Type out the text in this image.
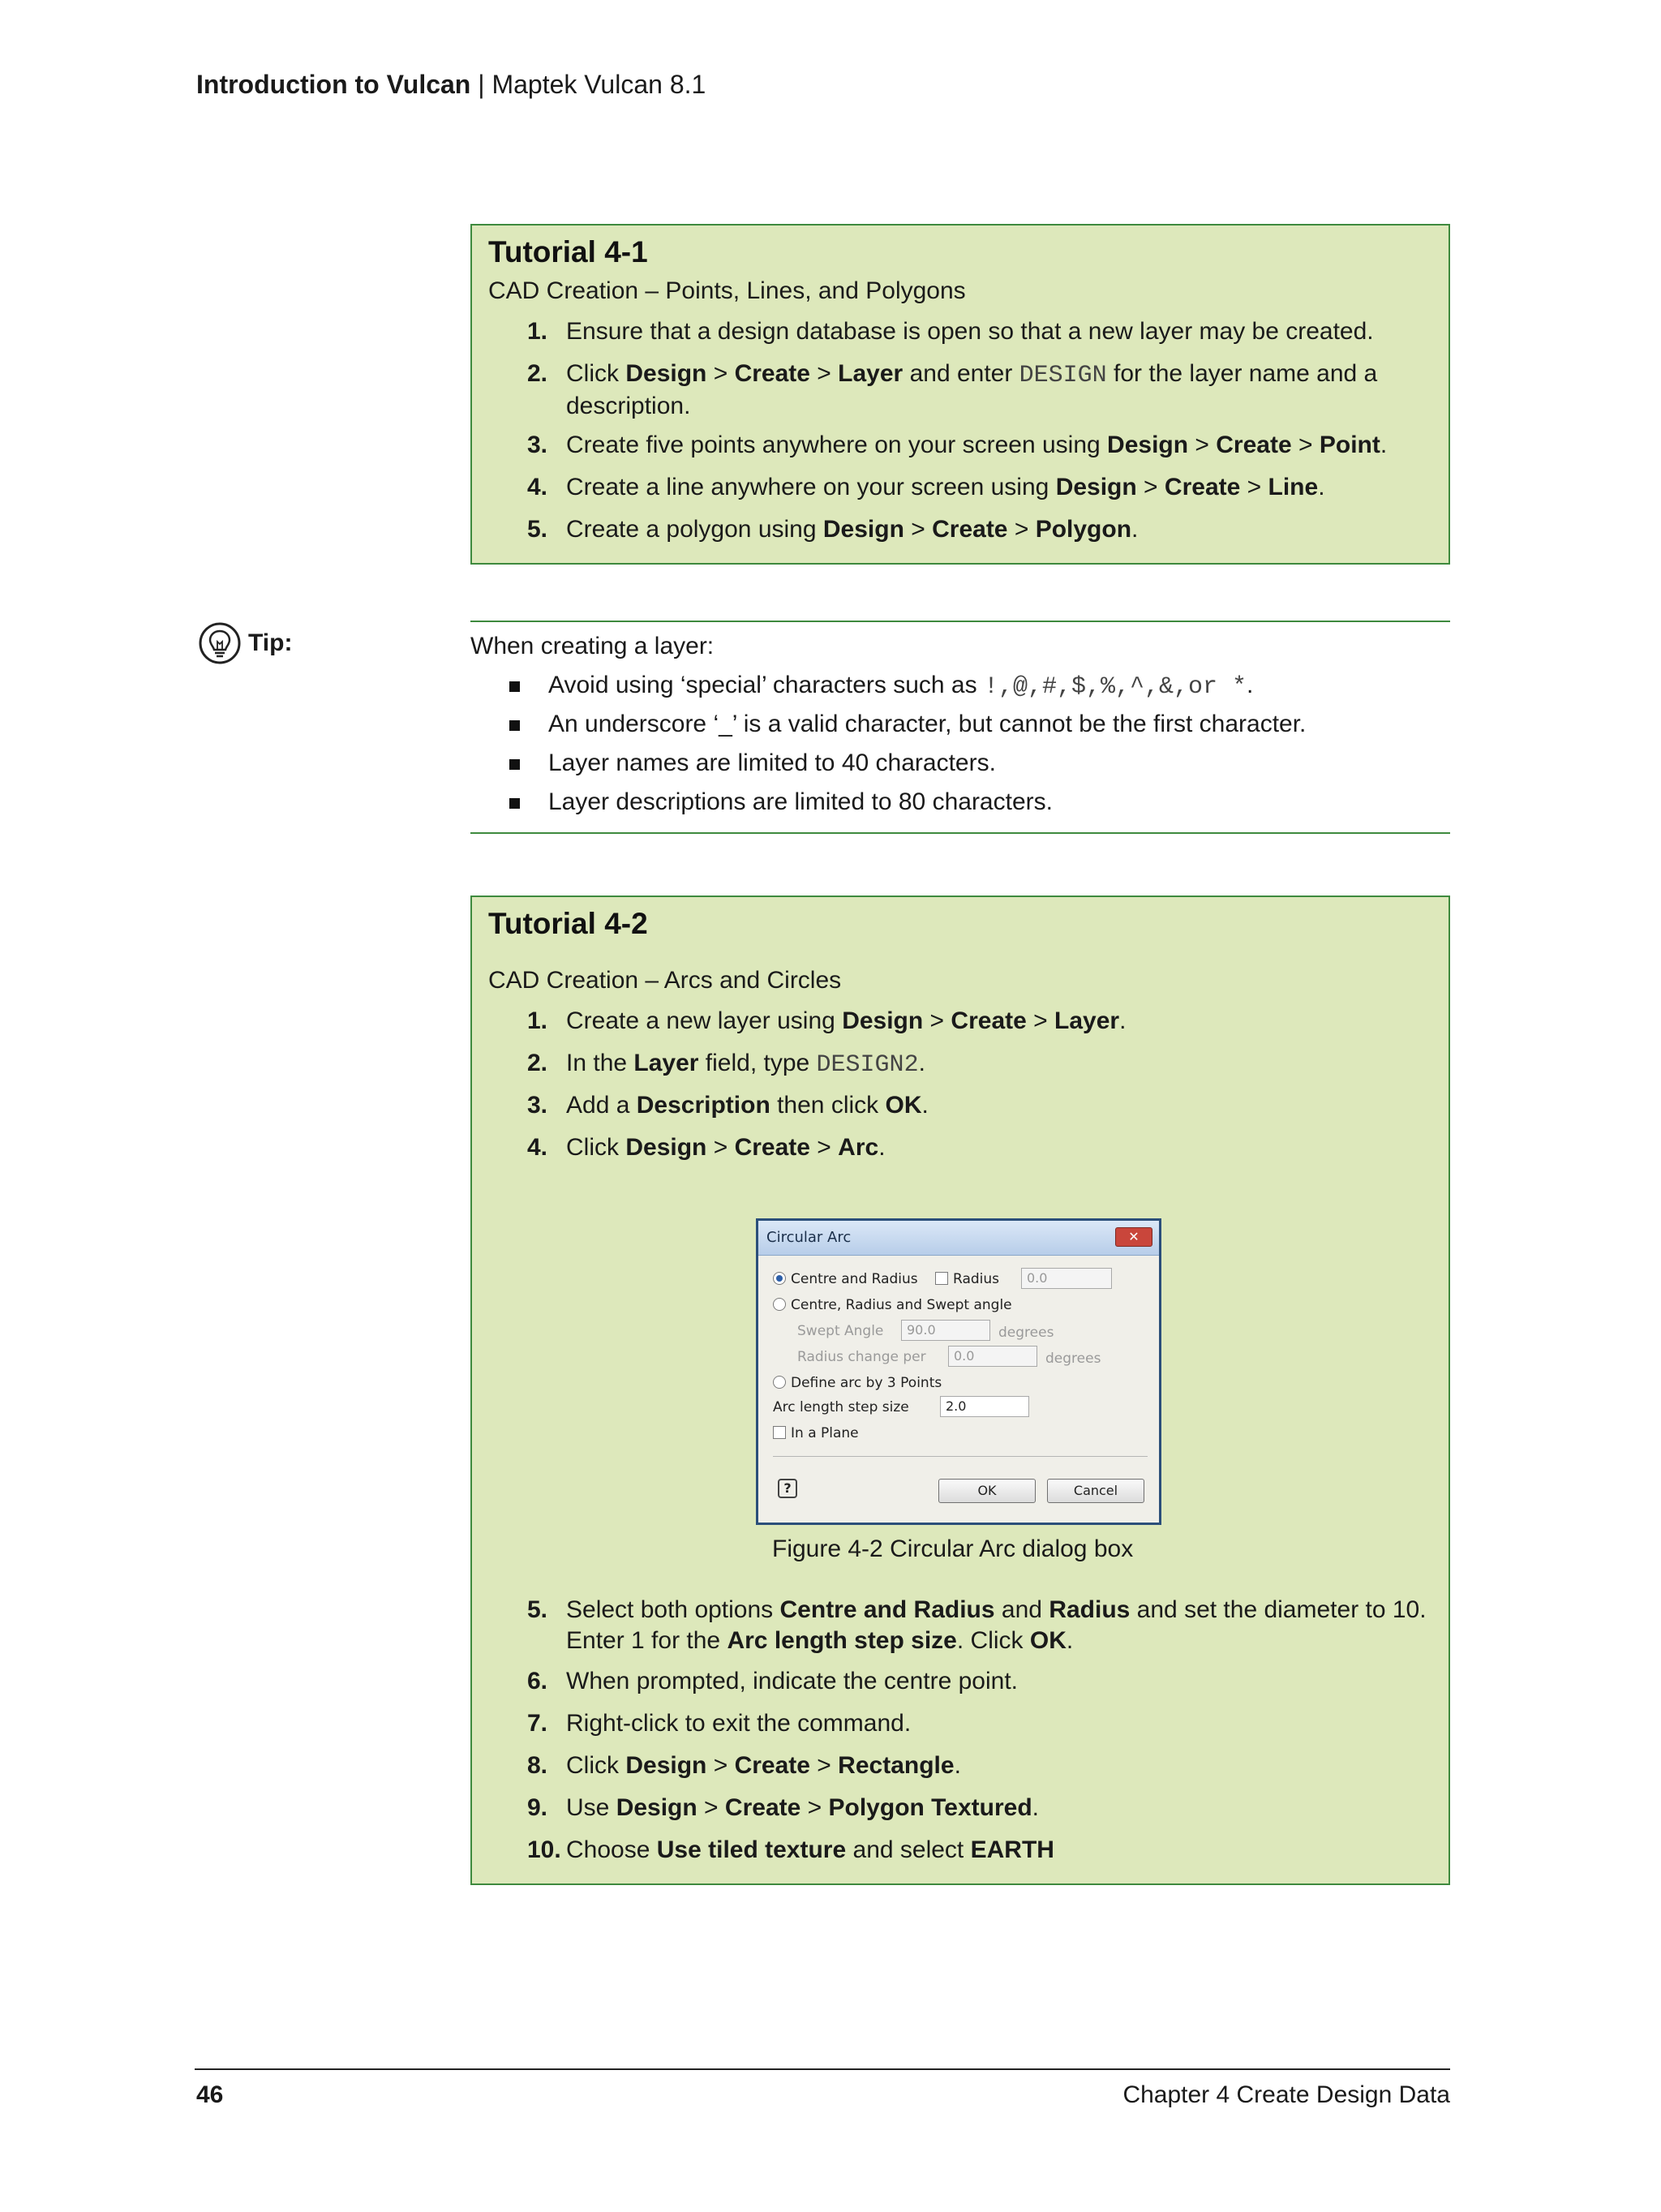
Introduction to Vulcan | Maptek Vulcan 8.1
Tutorial 4-1
CAD Creation – Points, Lines, and Polygons
1. Ensure that a design database is open so that a new layer may be created.
2. Click Design > Create > Layer and enter DESIGN for the layer name and a description.
3. Create five points anywhere on your screen using Design > Create > Point.
4. Create a line anywhere on your screen using Design > Create > Line.
5. Create a polygon using Design > Create > Polygon.
Tip:	When creating a layer:
Avoid using ‘special’ characters such as !,@,#,$,%,^,&,or *.
An underscore ‘_’ is a valid character, but cannot be the first character.
Layer names are limited to 40 characters.
Layer descriptions are limited to 80 characters.
Tutorial 4-2
CAD Creation – Arcs and Circles
1. Create a new layer using Design > Create > Layer.
2. In the Layer field, type DESIGN2.
3. Add a Description then click OK.
4. Click Design > Create > Arc.
5. Select both options Centre and Radius and Radius and set the diameter to 10. Enter 1 for the Arc length step size. Click OK.
6. When prompted, indicate the centre point.
7. Right-click to exit the command.
8. Click Design > Create > Rectangle.
9. Use Design > Create > Polygon Textured.
10. Choose Use tiled texture and select EARTH
Circular Arc	✕
Centre and Radius	Radius	0.0
Centre, Radius and Swept angle
Swept Angle	90.0	degrees
Radius change per	0.0	degrees
Define arc by 3 Points
Arc length step size	2.0
In a Plane
?	OK	Cancel
Figure 4-2 Circular Arc dialog box
46	Chapter 4 Create Design Data
